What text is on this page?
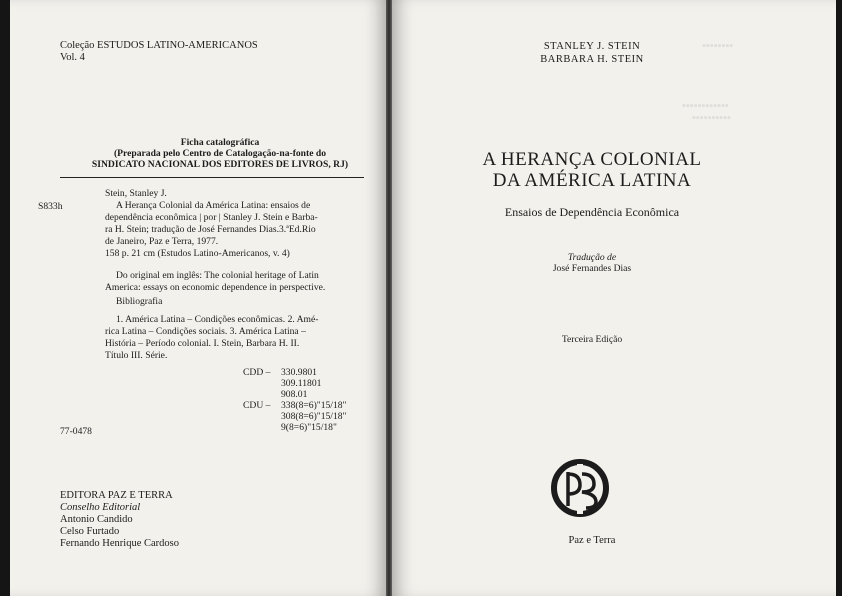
Coleção ESTUDOS LATINO-AMERICANOS
Vol. 4
Ficha catalográfica
(Preparada pelo Centro de Catalogação-na-fonte do
SINDICATO NACIONAL DOS EDITORES DE LIVROS, RJ)
S833h
Stein, Stanley J.
A Herança Colonial da América Latina: ensaios de
dependência econômica | por | Stanley J. Stein e Barba-
ra H. Stein; tradução de José Fernandes Dias.3.ªEd.Rio
de Janeiro, Paz e Terra, 1977.
158 p. 21 cm (Estudos Latino-Americanos, v. 4)
Do original em inglês: The colonial heritage of Latin
America: essays on economic dependence in perspective.
Bibliografia
1. América Latina – Condições econômicas. 2. Amé-
rica Latina – Condições sociais. 3. América Latina –
História – Período colonial. I. Stein, Barbara H. II.
Título III. Série.
CDD – 330.9801
309.11801
908.01
CDU – 338(8=6)"15/18"
308(8=6)"15/18"
9(8=6)"15/18"
77-0478
EDITORA PAZ E TERRA
Conselho Editorial
Antonio Candido
Celso Furtado
Fernando Henrique Cardoso
▪▪▪▪▪▪▪▪
▪▪▪▪▪▪▪▪▪▪▪▪
▪▪▪▪▪▪▪▪▪▪
STANLEY J. STEIN
BARBARA H. STEIN
A HERANÇA COLONIAL
DA AMÉRICA LATINA
Ensaios de Dependência Econômica
Tradução de
José Fernandes Dias
Terceira Edição
Paz e Terra
